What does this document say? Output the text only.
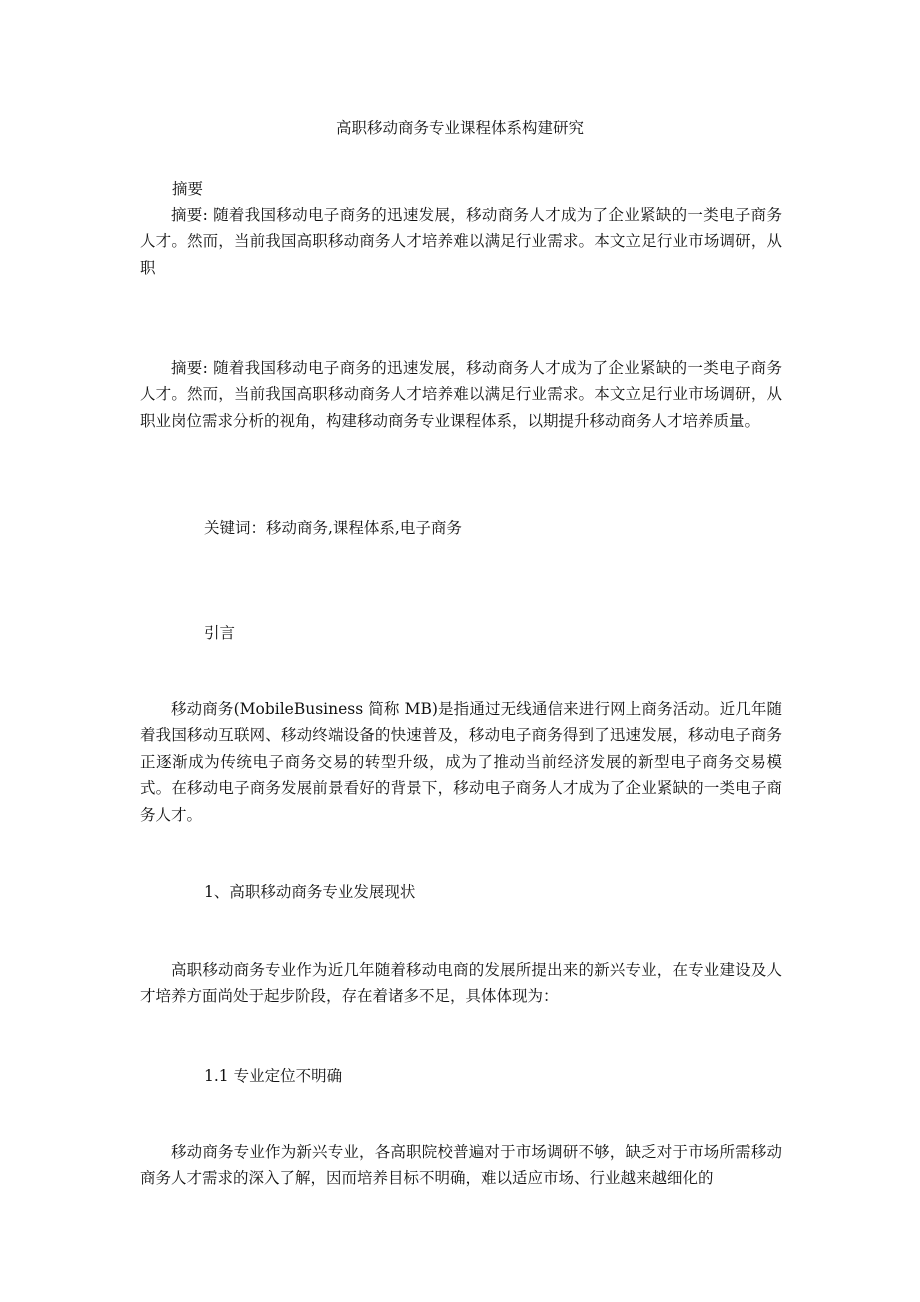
高职移动商务专业课程体系构建研究
摘要
摘要: 随着我国移动电子商务的迅速发展，移动商务人才成为了企业紧缺的一类电子商务人才。然而，当前我国高职移动商务人才培养难以满足行业需求。本文立足行业市场调研，从职
摘要: 随着我国移动电子商务的迅速发展，移动商务人才成为了企业紧缺的一类电子商务人才。然而，当前我国高职移动商务人才培养难以满足行业需求。本文立足行业市场调研，从职业岗位需求分析的视角，构建移动商务专业课程体系，以期提升移动商务人才培养质量。
关键词：移动商务,课程体系,电子商务
引言
移动商务(MobileBusiness 简称 MB)是指通过无线通信来进行网上商务活动。近几年随着我国移动互联网、移动终端设备的快速普及，移动电子商务得到了迅速发展，移动电子商务正逐渐成为传统电子商务交易的转型升级，成为了推动当前经济发展的新型电子商务交易模式。在移动电子商务发展前景看好的背景下，移动电子商务人才成为了企业紧缺的一类电子商务人才。
1、高职移动商务专业发展现状
高职移动商务专业作为近几年随着移动电商的发展所提出来的新兴专业，在专业建设及人才培养方面尚处于起步阶段，存在着诸多不足，具体体现为：
1.1 专业定位不明确
移动商务专业作为新兴专业，各高职院校普遍对于市场调研不够，缺乏对于市场所需移动商务人才需求的深入了解，因而培养目标不明确，难以适应市场、行业越来越细化的
